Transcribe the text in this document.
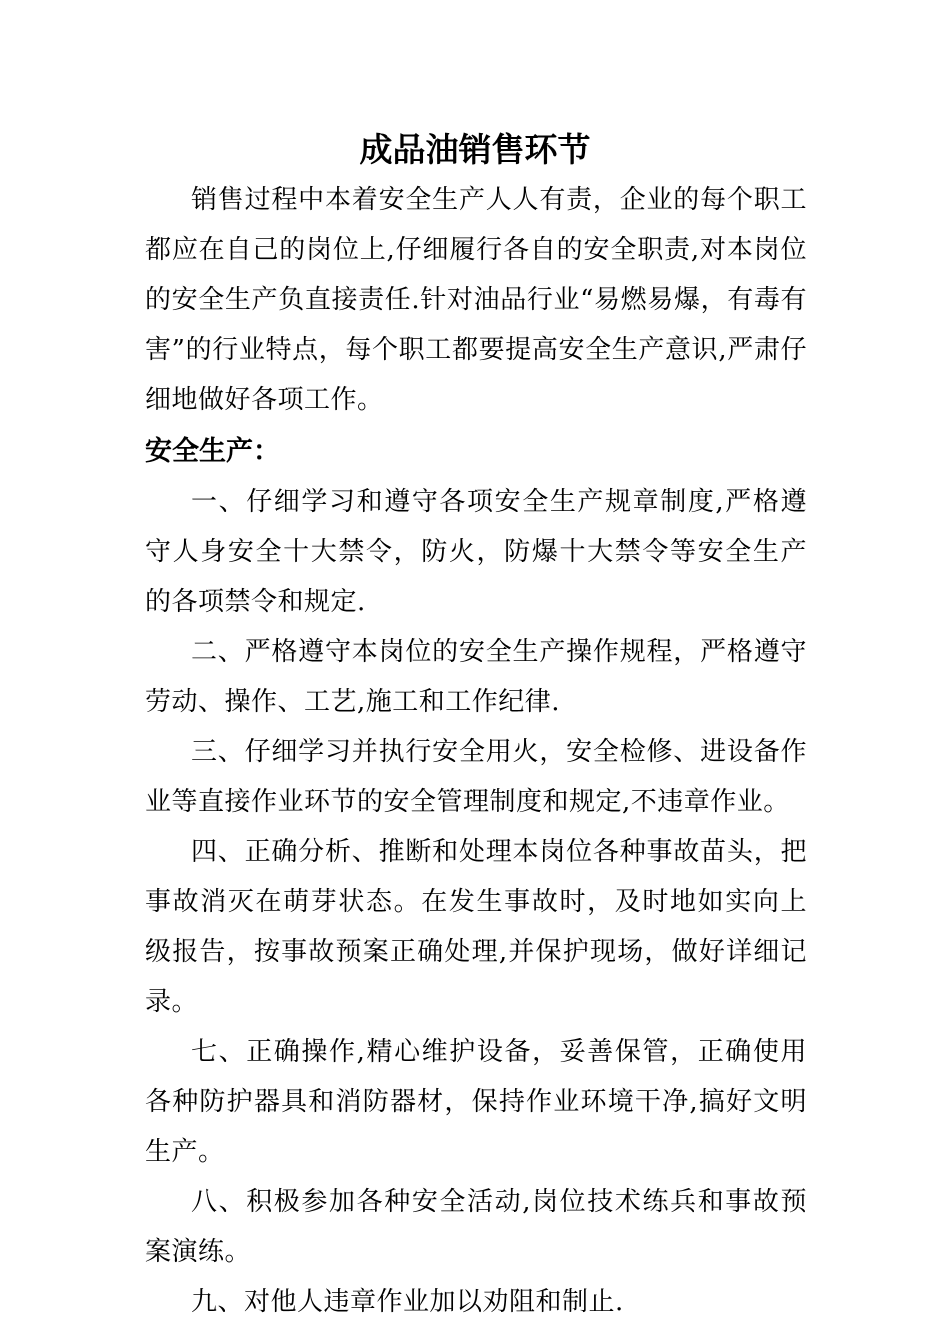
成品油销售环节

销售过程中本着安全生产人人有责，企业的每个职工都应在自己的岗位上,仔细履行各自的安全职责,对本岗位的安全生产负直接责任.针对油品行业“易燃易爆，有毒有害”的行业特点，每个职工都要提高安全生产意识,严肃仔细地做好各项工作。

安全生产：

一、仔细学习和遵守各项安全生产规章制度,严格遵守人身安全十大禁令，防火，防爆十大禁令等安全生产的各项禁令和规定.

二、严格遵守本岗位的安全生产操作规程，严格遵守劳动、操作、工艺,施工和工作纪律.

三、仔细学习并执行安全用火，安全检修、进设备作业等直接作业环节的安全管理制度和规定,不违章作业。

四、正确分析、推断和处理本岗位各种事故苗头，把事故消灭在萌芽状态。在发生事故时，及时地如实向上级报告，按事故预案正确处理,并保护现场，做好详细记录。

七、正确操作,精心维护设备，妥善保管，正确使用各种防护器具和消防器材，保持作业环境干净,搞好文明生产。

八、积极参加各种安全活动,岗位技术练兵和事故预案演练。

九、对他人违章作业加以劝阻和制止.
